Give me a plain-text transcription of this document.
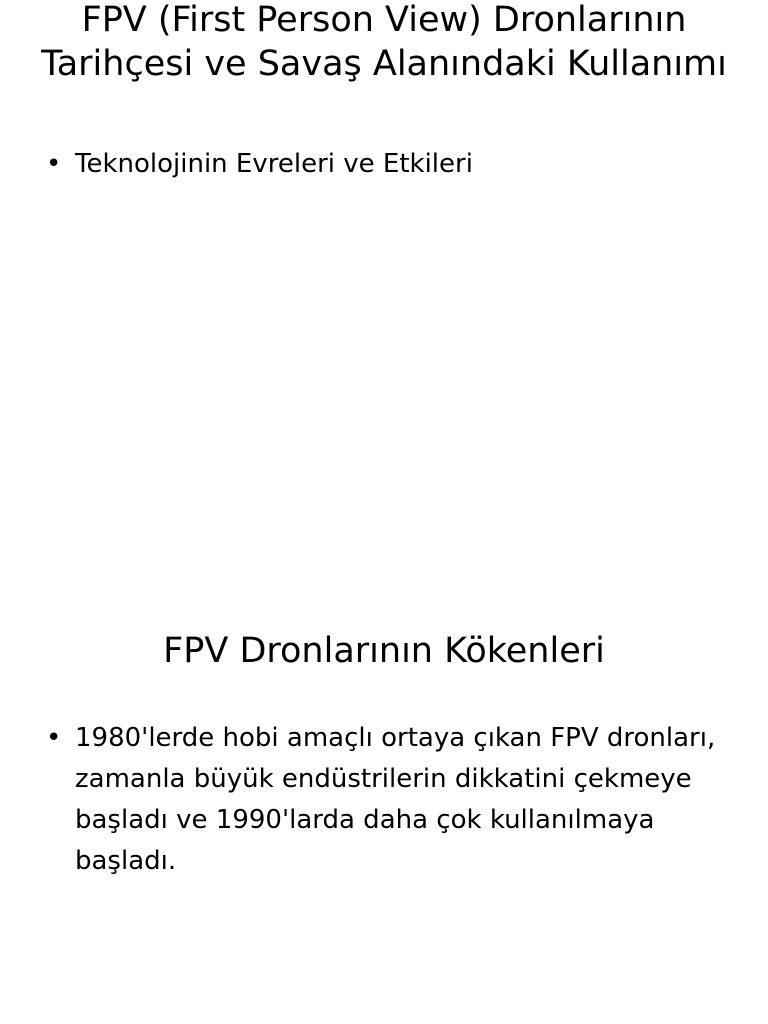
FPV (First Person View) Dronlarının Tarihçesi ve Savaş Alanındaki Kullanımı
• Teknolojinin Evreleri ve Etkileri
FPV Dronlarının Kökenleri
• 1980'lerde hobi amaçlı ortaya çıkan FPV dronları, zamanla büyük endüstrilerin dikkatini çekmeye başladı ve 1990'larda daha çok kullanılmaya başladı.
